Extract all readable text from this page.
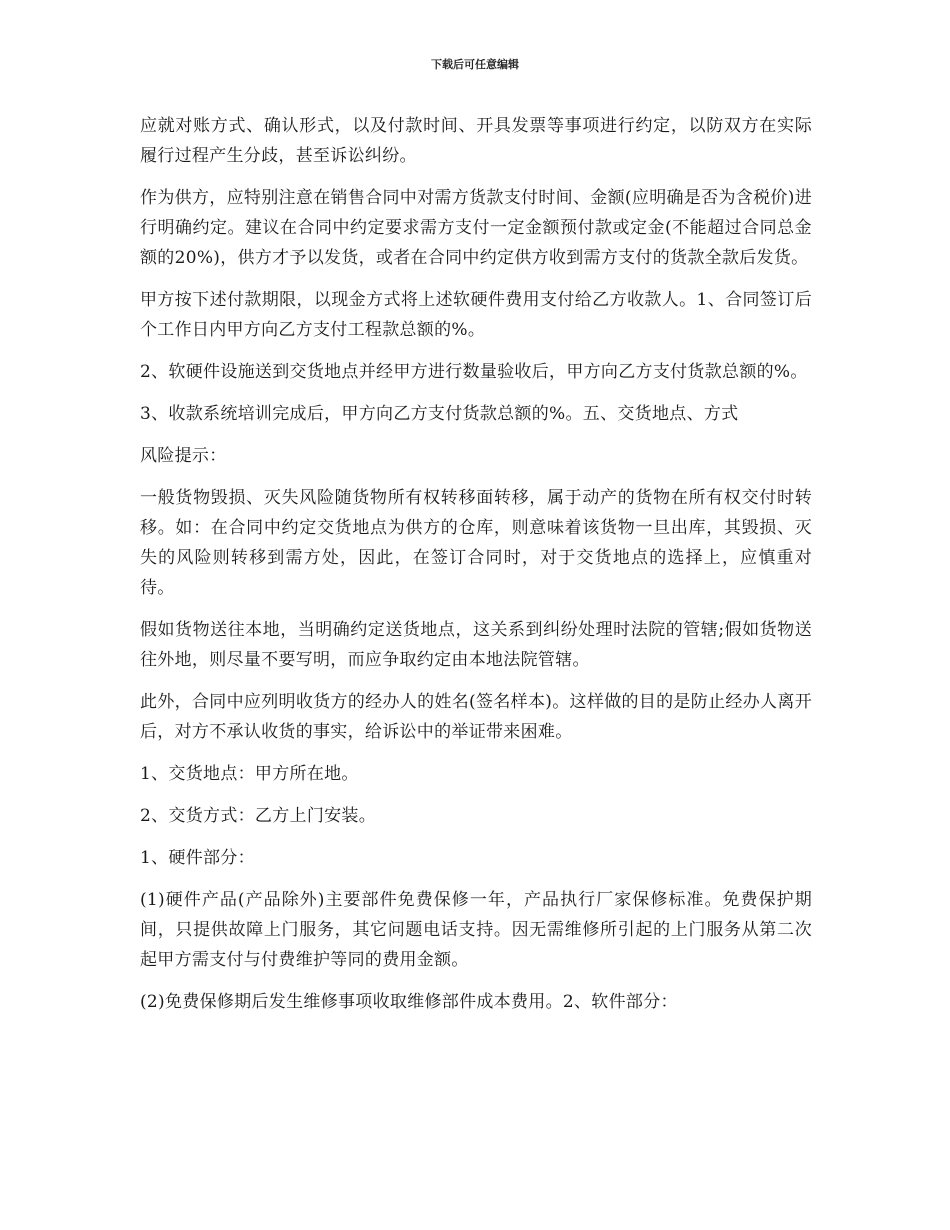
下载后可任意编辑

应就对账方式、确认形式，以及付款时间、开具发票等事项进行约定，以防双方在实际履行过程产生分歧，甚至诉讼纠纷。

作为供方，应特别注意在销售合同中对需方货款支付时间、金额(应明确是否为含税价)进行明确约定。建议在合同中约定要求需方支付一定金额预付款或定金(不能超过合同总金额的20%)，供方才予以发货，或者在合同中约定供方收到需方支付的货款全款后发货。

甲方按下述付款期限，以现金方式将上述软硬件费用支付给乙方收款人。1、合同签订后个工作日内甲方向乙方支付工程款总额的%。

2、软硬件设施送到交货地点并经甲方进行数量验收后，甲方向乙方支付货款总额的%。

3、收款系统培训完成后，甲方向乙方支付货款总额的%。五、交货地点、方式

风险提示：

一般货物毁损、灭失风险随货物所有权转移面转移，属于动产的货物在所有权交付时转移。如：在合同中约定交货地点为供方的仓库，则意味着该货物一旦出库，其毁损、灭失的风险则转移到需方处，因此，在签订合同时，对于交货地点的选择上，应慎重对待。

假如货物送往本地，当明确约定送货地点，这关系到纠纷处理时法院的管辖;假如货物送往外地，则尽量不要写明，而应争取约定由本地法院管辖。

此外，合同中应列明收货方的经办人的姓名(签名样本)。这样做的目的是防止经办人离开后，对方不承认收货的事实，给诉讼中的举证带来困难。

1、交货地点：甲方所在地。

2、交货方式：乙方上门安装。

1、硬件部分：

(1)硬件产品(产品除外)主要部件免费保修一年，产品执行厂家保修标准。免费保护期间，只提供故障上门服务，其它问题电话支持。因无需维修所引起的上门服务从第二次起甲方需支付与付费维护等同的费用金额。

(2)免费保修期后发生维修事项收取维修部件成本费用。2、软件部分：
